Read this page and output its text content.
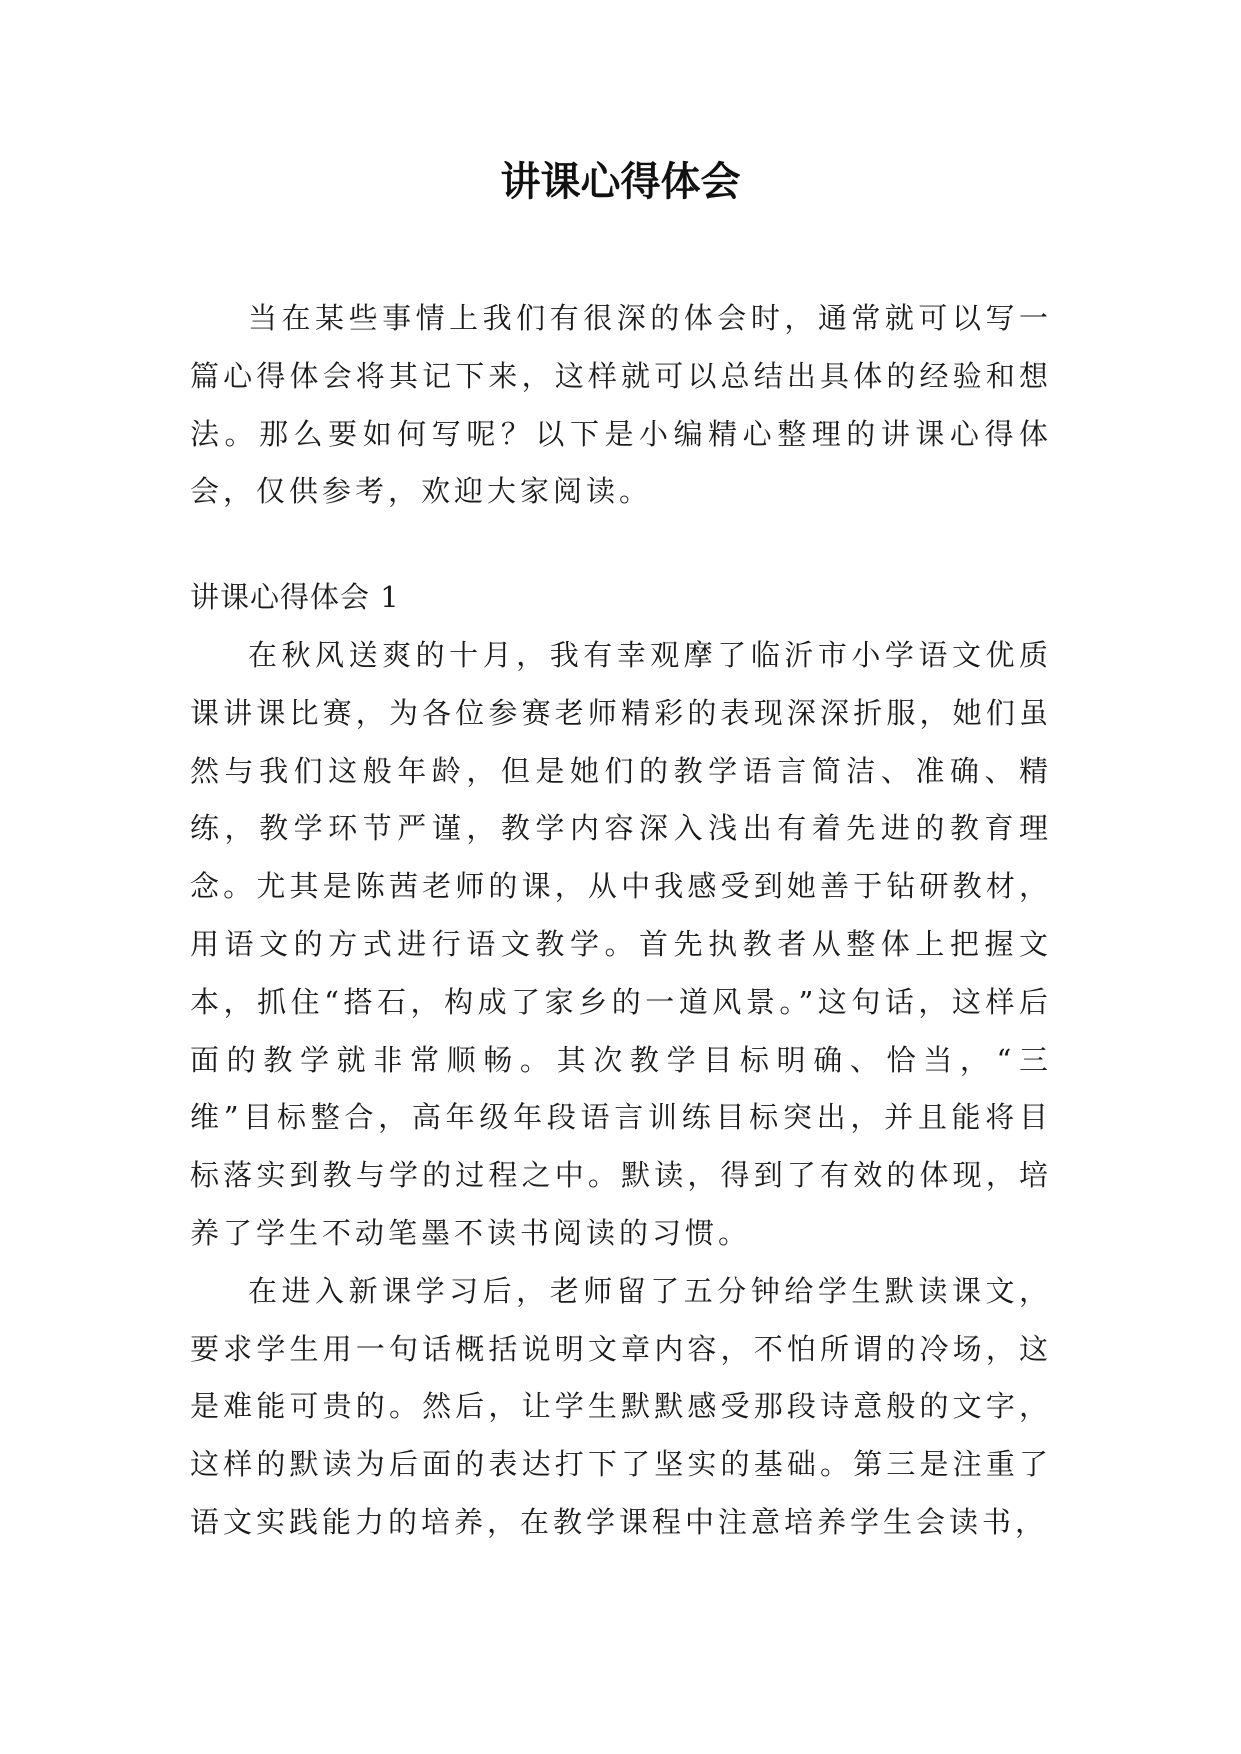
讲课心得体会

当在某些事情上我们有很深的体会时，通常就可以写一篇心得体会将其记下来，这样就可以总结出具体的经验和想法。那么要如何写呢？以下是小编精心整理的讲课心得体会，仅供参考，欢迎大家阅读。

讲课心得体会 1

在秋风送爽的十月，我有幸观摩了临沂市小学语文优质课讲课比赛，为各位参赛老师精彩的表现深深折服，她们虽然与我们这般年龄，但是她们的教学语言简洁、准确、精练，教学环节严谨，教学内容深入浅出有着先进的教育理念。尤其是陈茜老师的课，从中我感受到她善于钻研教材，用语文的方式进行语文教学。首先执教者从整体上把握文本，抓住“搭石，构成了家乡的一道风景。”这句话，这样后面的教学就非常顺畅。其次教学目标明确、恰当，“三维”目标整合，高年级年段语言训练目标突出，并且能将目标落实到教与学的过程之中。默读，得到了有效的体现，培养了学生不动笔墨不读书阅读的习惯。

在进入新课学习后，老师留了五分钟给学生默读课文，要求学生用一句话概括说明文章内容，不怕所谓的冷场，这是难能可贵的。然后，让学生默默感受那段诗意般的文字，这样的默读为后面的表达打下了坚实的基础。第三是注重了语文实践能力的培养，在教学课程中注意培养学生会读书，
